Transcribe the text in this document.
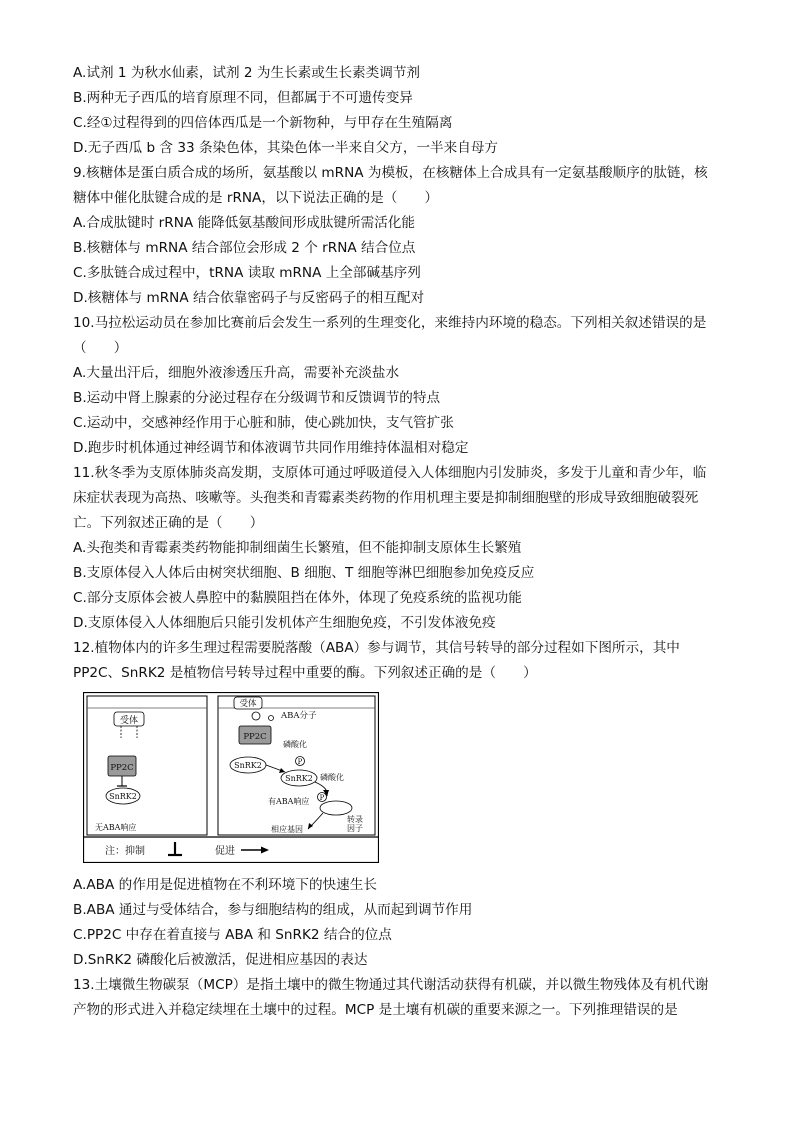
A.试剂 1 为秋水仙素，试剂 2 为生长素或生长素类调节剂
B.两种无子西瓜的培育原理不同，但都属于不可遗传变异
C.经①过程得到的四倍体西瓜是一个新物种，与甲存在生殖隔离
D.无子西瓜 b 含 33 条染色体，其染色体一半来自父方，一半来自母方
9.核糖体是蛋白质合成的场所，氨基酸以 mRNA 为模板，在核糖体上合成具有一定氨基酸顺序的肽链，核
糖体中催化肽键合成的是 rRNA，以下说法正确的是（　　）
A.合成肽键时 rRNA 能降低氨基酸间形成肽键所需活化能
B.核糖体与 mRNA 结合部位会形成 2 个 rRNA 结合位点
C.多肽链合成过程中，tRNA 读取 mRNA 上全部碱基序列
D.核糖体与 mRNA 结合依靠密码子与反密码子的相互配对
10.马拉松运动员在参加比赛前后会发生一系列的生理变化，来维持内环境的稳态。下列相关叙述错误的是
（　　）
A.大量出汗后，细胞外液渗透压升高，需要补充淡盐水
B.运动中肾上腺素的分泌过程存在分级调节和反馈调节的特点
C.运动中，交感神经作用于心脏和肺，使心跳加快，支气管扩张
D.跑步时机体通过神经调节和体液调节共同作用维持体温相对稳定
11.秋冬季为支原体肺炎高发期，支原体可通过呼吸道侵入人体细胞内引发肺炎，多发于儿童和青少年，临
床症状表现为高热、咳嗽等。头孢类和青霉素类药物的作用机理主要是抑制细胞壁的形成导致细胞破裂死
亡。下列叙述正确的是（　　）
A.头孢类和青霉素类药物能抑制细菌生长繁殖，但不能抑制支原体生长繁殖
B.支原体侵入人体后由树突状细胞、B 细胞、T 细胞等淋巴细胞参加免疫反应
C.部分支原体会被人鼻腔中的黏膜阻挡在体外，体现了免疫系统的监视功能
D.支原体侵入人体细胞后只能引发机体产生细胞免疫，不引发体液免疫
12.植物体内的许多生理过程需要脱落酸（ABA）参与调节，其信号转导的部分过程如下图所示，其中
PP2C、SnRK2 是植物信号转导过程中重要的酶。下列叙述正确的是（　　）
受体
PP2C
SnRK2
无ABA响应
受体
ABA分子
PP2C
磷酸化
SnRK2	P
SnRK2 磷酸化
P
有ABA响应
转录
因子
相应基因
注：抑制	促进
A.ABA 的作用是促进植物在不利环境下的快速生长
B.ABA 通过与受体结合，参与细胞结构的组成，从而起到调节作用
C.PP2C 中存在着直接与 ABA 和 SnRK2 结合的位点
D.SnRK2 磷酸化后被激活，促进相应基因的表达
13.土壤微生物碳泵（MCP）是指土壤中的微生物通过其代谢活动获得有机碳，并以微生物残体及有机代谢
产物的形式进入并稳定续埋在土壤中的过程。MCP 是土壤有机碳的重要来源之一。下列推理错误的是
